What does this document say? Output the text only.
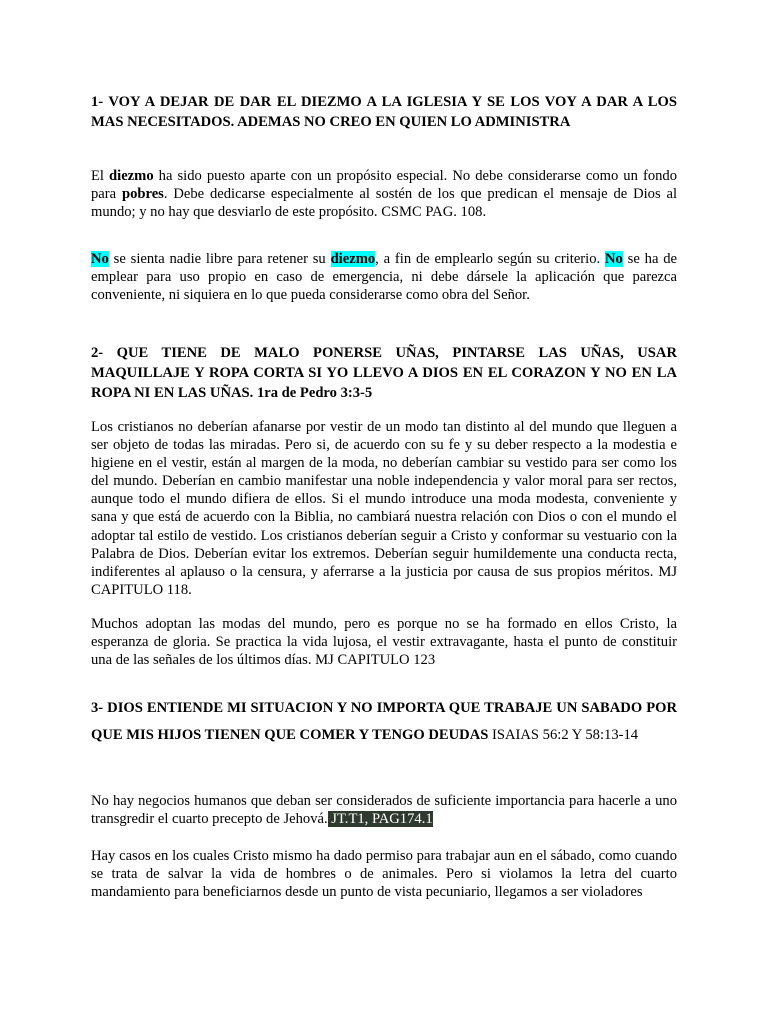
1- VOY A DEJAR DE DAR EL DIEZMO A LA IGLESIA Y SE LOS VOY A DAR A LOS MAS NECESITADOS. ADEMAS NO CREO EN QUIEN LO ADMINISTRA

El diezmo ha sido puesto aparte con un propósito especial. No debe considerarse como un fondo para pobres. Debe dedicarse especialmente al sostén de los que predican el mensaje de Dios al mundo; y no hay que desviarlo de este propósito. CSMC PAG. 108.

No se sienta nadie libre para retener su diezmo, a fin de emplearlo según su criterio. No se ha de emplear para uso propio en caso de emergencia, ni debe dársele la aplicación que parezca conveniente, ni siquiera en lo que pueda considerarse como obra del Señor.

2- QUE TIENE DE MALO PONERSE UÑAS, PINTARSE LAS UÑAS, USAR MAQUILLAJE Y ROPA CORTA SI YO LLEVO A DIOS EN EL CORAZON Y NO EN LA ROPA NI EN LAS UÑAS. 1ra de Pedro 3:3-5

Los cristianos no deberían afanarse por vestir de un modo tan distinto al del mundo que lleguen a ser objeto de todas las miradas. Pero si, de acuerdo con su fe y su deber respecto a la modestia e higiene en el vestir, están al margen de la moda, no deberían cambiar su vestido para ser como los del mundo. Deberían en cambio manifestar una noble independencia y valor moral para ser rectos, aunque todo el mundo difiera de ellos. Si el mundo introduce una moda modesta, conveniente y sana y que está de acuerdo con la Biblia, no cambiará nuestra relación con Dios o con el mundo el adoptar tal estilo de vestido. Los cristianos deberían seguir a Cristo y conformar su vestuario con la Palabra de Dios. Deberían evitar los extremos. Deberían seguir humildemente una conducta recta, indiferentes al aplauso o la censura, y aferrarse a la justicia por causa de sus propios méritos. MJ CAPITULO 118.

Muchos adoptan las modas del mundo, pero es porque no se ha formado en ellos Cristo, la esperanza de gloria. Se practica la vida lujosa, el vestir extravagante, hasta el punto de constituir una de las señales de los últimos días. MJ CAPITULO 123

3- DIOS ENTIENDE MI SITUACION Y NO IMPORTA QUE TRABAJE UN SABADO POR QUE MIS HIJOS TIENEN QUE COMER Y TENGO DEUDAS ISAIAS 56:2 Y 58:13-14

No hay negocios humanos que deban ser considerados de suficiente importancia para hacerle a uno transgredir el cuarto precepto de Jehová. JT.T1, PAG174.1

Hay casos en los cuales Cristo mismo ha dado permiso para trabajar aun en el sábado, como cuando se trata de salvar la vida de hombres o de animales. Pero si violamos la letra del cuarto mandamiento para beneficiarnos desde un punto de vista pecuniario, llegamos a ser violadores
